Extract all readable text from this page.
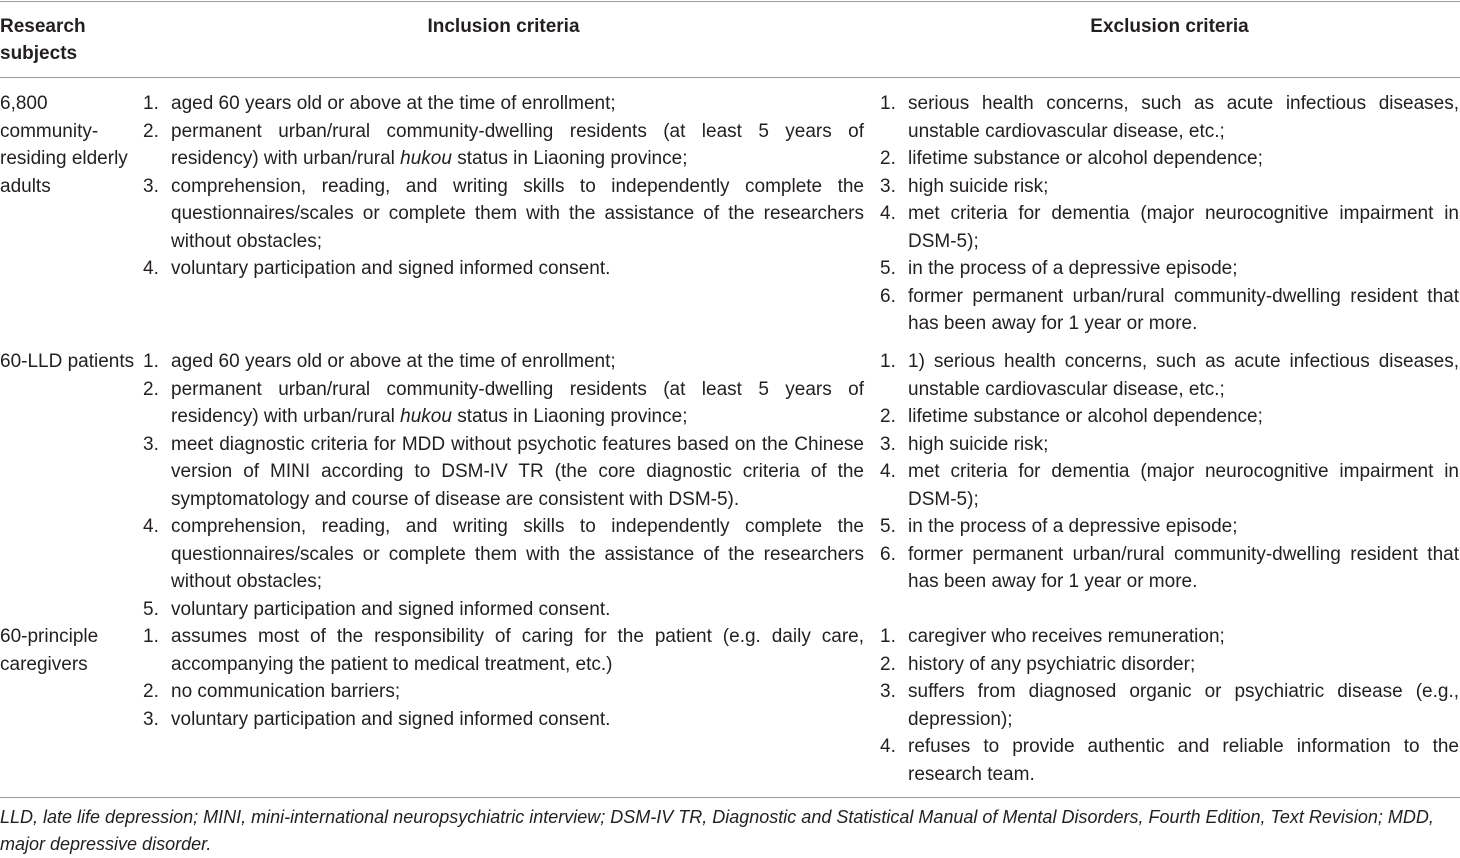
Research subjects
Inclusion criteria	Exclusion criteria
6,800 community-residing elderly adults
1. aged 60 years old or above at the time of enrollment;
2. permanent urban/rural community-dwelling residents (at least 5 years of residency) with urban/rural hukou status in Liaoning province;
3. comprehension, reading, and writing skills to independently complete the questionnaires/scales or complete them with the assistance of the researchers without obstacles;
4. voluntary participation and signed informed consent.
1. serious health concerns, such as acute infectious diseases, unstable cardiovascular disease, etc.;
2. lifetime substance or alcohol dependence;
3. high suicide risk;
4. met criteria for dementia (major neurocognitive impairment in DSM-5);
5. in the process of a depressive episode;
6. former permanent urban/rural community-dwelling resident that has been away for 1 year or more.
60-LLD patients 1. aged 60 years old or above at the time of enrollment;
2. permanent urban/rural community-dwelling residents (at least 5 years of residency) with urban/rural hukou status in Liaoning province;
3. meet diagnostic criteria for MDD without psychotic features based on the Chinese version of MINI according to DSM-IV TR (the core diagnostic criteria of the symptomatology and course of disease are consistent with DSM-5).
4. comprehension, reading, and writing skills to independently complete the questionnaires/scales or complete them with the assistance of the researchers without obstacles;
5. voluntary participation and signed informed consent.
1. 1) serious health concerns, such as acute infectious diseases, unstable cardiovascular disease, etc.;
2. lifetime substance or alcohol dependence;
3. high suicide risk;
4. met criteria for dementia (major neurocognitive impairment in DSM-5);
5. in the process of a depressive episode;
6. former permanent urban/rural community-dwelling resident that has been away for 1 year or more.
60-principle caregivers
1. assumes most of the responsibility of caring for the patient (e.g. daily care, accompanying the patient to medical treatment, etc.)
2. no communication barriers;
3. voluntary participation and signed informed consent.
1. caregiver who receives remuneration;
2. history of any psychiatric disorder;
3. suffers from diagnosed organic or psychiatric disease (e.g., depression);
4. refuses to provide authentic and reliable information to the research team.
LLD, late life depression; MINI, mini-international neuropsychiatric interview; DSM-IV TR, Diagnostic and Statistical Manual of Mental Disorders, Fourth Edition, Text Revision; MDD, major depressive disorder.
